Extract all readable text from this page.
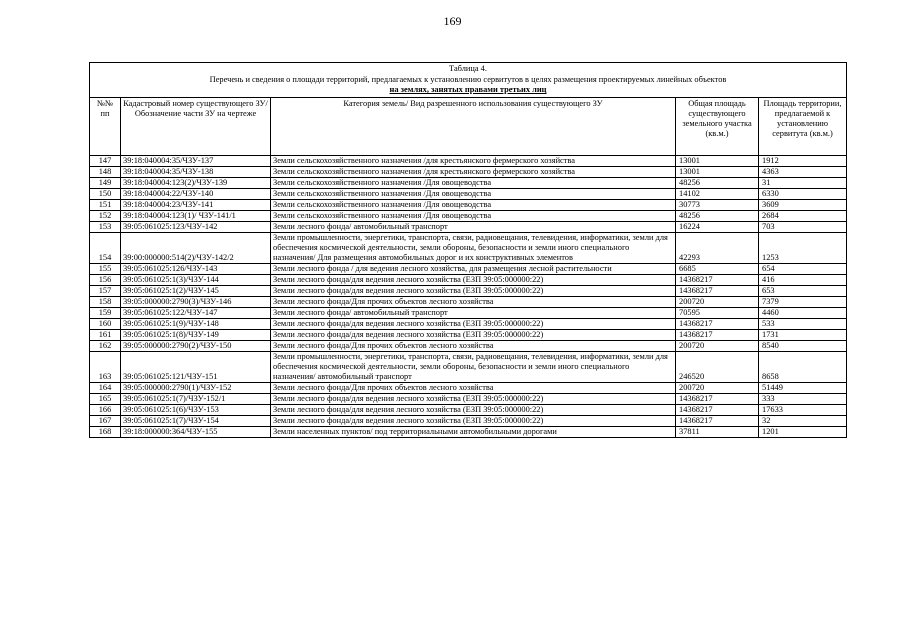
169
Таблица 4.
Перечень и сведения о площади территорий, предлагаемых к установлению сервитутов в целях размещения проектируемых линейных объектов
на землях, занятых правами третьих лиц				

№№ пп	Кадастровый номер существующего ЗУ/ Обозначение части ЗУ на чертеже	Категория земель/ Вид разрешенного использования существующего ЗУ	Общая площадь существующего земельного участка (кв.м.)	Площадь территории, предлагаемой к установлению сервитута (кв.м.)
147	39:18:040004:35/ЧЗУ-137	Земли сельскохозяйственного назначения /для крестьянского фермерского хозяйства	13001	1912
148	39:18:040004:35/ЧЗУ-138	Земли сельскохозяйственного назначения /для крестьянского фермерского хозяйства	13001	4363
149	39:18:040004:123(2)/ЧЗУ-139	Земли сельскохозяйственного назначения /Для овощеводства	48256	31
150	39:18:040004:22/ЧЗУ-140	Земли сельскохозяйственного назначения /Для овощеводства	14102	6330
151	39:18:040004:23/ЧЗУ-141	Земли сельскохозяйственного назначения /Для овощеводства	30773	3609
152	39:18:040004:123(1)/ ЧЗУ-141/1	Земли сельскохозяйственного назначения /Для овощеводства	48256	2684
153	39:05:061025:123/ЧЗУ-142	Земли лесного фонда/ автомобильный транспорт	16224	703
154	39:00:000000:514(2)/ЧЗУ-142/2	Земли промышленности, энергетики, транспорта, связи, радиовещания, телевидения, информатики, земли для обеспечения космической деятельности, земли обороны, безопасности и земли иного специального назначения/ Для размещения автомобильных дорог и их конструктивных элементов	42293	1253
155	39:05:061025:126/ЧЗУ-143	Земли лесного фонда / для ведения лесного хозяйства, для размещения лесной растительности	6685	654
156	39:05:061025:1(3)/ЧЗУ-144	Земли лесного фонда/для ведения лесного хозяйства (ЕЗП 39:05:000000:22)	14368217	416
157	39:05:061025:1(2)/ЧЗУ-145	Земли лесного фонда/для ведения лесного хозяйства (ЕЗП 39:05:000000:22)	14368217	653
158	39:05:000000:2790(3)/ЧЗУ-146	Земли лесного фонда/Для прочих объектов лесного хозяйства	200720	7379
159	39:05:061025:122/ЧЗУ-147	Земли лесного фонда/ автомобильный транспорт	70595	4460
160	39:05:061025:1(9)/ЧЗУ-148	Земли лесного фонда/для ведения лесного хозяйства (ЕЗП 39:05:000000:22)	14368217	533
161	39:05:061025:1(8)/ЧЗУ-149	Земли лесного фонда/для ведения лесного хозяйства (ЕЗП 39:05:000000:22)	14368217	1731
162	39:05:000000:2790(2)/ЧЗУ-150	Земли лесного фонда/Для прочих объектов лесного хозяйства	200720	8540
163	39:05:061025:121/ЧЗУ-151	Земли промышленности, энергетики, транспорта, связи, радиовещания, телевидения, информатики, земли для обеспечения космической деятельности, земли обороны, безопасности и земли иного специального назначения/ автомобильный транспорт	246520	8658
164	39:05:000000:2790(1)/ЧЗУ-152	Земли лесного фонда/Для прочих объектов лесного хозяйства	200720	51449
165	39:05:061025:1(7)/ЧЗУ-152/1	Земли лесного фонда/для ведения лесного хозяйства (ЕЗП 39:05:000000:22)	14368217	333
166	39:05:061025:1(6)/ЧЗУ-153	Земли лесного фонда/для ведения лесного хозяйства (ЕЗП 39:05:000000:22)	14368217	17633
167	39:05:061025:1(7)/ЧЗУ-154	Земли лесного фонда/для ведения лесного хозяйства (ЕЗП 39:05:000000:22)	14368217	32
168	39:18:000000:364/ЧЗУ-155	Земли населенных пунктов/ под территориальными автомобильными дорогами	37811	1201
